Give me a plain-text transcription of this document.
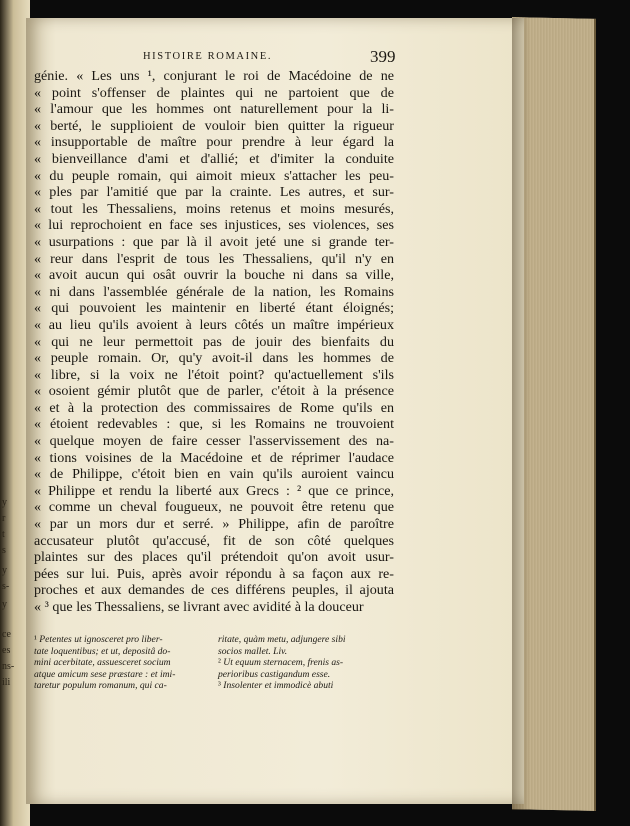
y
r
t
s
y
s-
y
ce
es
ns-
ili
HISTOIRE ROMAINE.	399
génie. « Les uns ¹, conjurant le roi de Macédoine de ne
« point s'offenser de plaintes qui ne partoient que de
« l'amour que les hommes ont naturellement pour la li-
« berté, le supplioient de vouloir bien quitter la rigueur
« insupportable de maître pour prendre à leur égard la
« bienveillance d'ami et d'allié; et d'imiter la conduite
« du peuple romain, qui aimoit mieux s'attacher les peu-
« ples par l'amitié que par la crainte. Les autres, et sur-
« tout les Thessaliens, moins retenus et moins mesurés,
« lui reprochoient en face ses injustices, ses violences, ses
« usurpations : que par là il avoit jeté une si grande ter-
« reur dans l'esprit de tous les Thessaliens, qu'il n'y en
« avoit aucun qui osât ouvrir la bouche ni dans sa ville,
« ni dans l'assemblée générale de la nation, les Romains
« qui pouvoient les maintenir en liberté étant éloignés;
« au lieu qu'ils avoient à leurs côtés un maître impérieux
« qui ne leur permettoit pas de jouir des bienfaits du
« peuple romain. Or, qu'y avoit-il dans les hommes de
« libre, si la voix ne l'étoit point? qu'actuellement s'ils
« osoient gémir plutôt que de parler, c'étoit à la présence
« et à la protection des commissaires de Rome qu'ils en
« étoient redevables : que, si les Romains ne trouvoient
« quelque moyen de faire cesser l'asservissement des na-
« tions voisines de la Macédoine et de réprimer l'audace
« de Philippe, c'étoit bien en vain qu'ils auroient vaincu
« Philippe et rendu la liberté aux Grecs : ² que ce prince,
« comme un cheval fougueux, ne pouvoit être retenu que
« par un mors dur et serré. » Philippe, afin de paroître
accusateur plutôt qu'accusé, fit de son côté quelques
plaintes sur des places qu'il prétendoit qu'on avoit usur-
pées sur lui. Puis, après avoir répondu à sa façon aux re-
proches et aux demandes de ces différens peuples, il ajouta
« ³ que les Thessaliens, se livrant avec avidité à la douceur
¹ Petentes ut ignosceret pro liber-
tate loquentibus; et ut, depositâ do-
mini acerbitate, assuesceret socium
atque amicum sese præstare : et imi-
taretur populum romanum, qui ca-
ritate, quàm metu, adjungere sibi
socios mallet. Liv.
² Ut equum sternacem, frenis as-
perioribus castigandum esse.
³ Insolenter et immodicè abuti
